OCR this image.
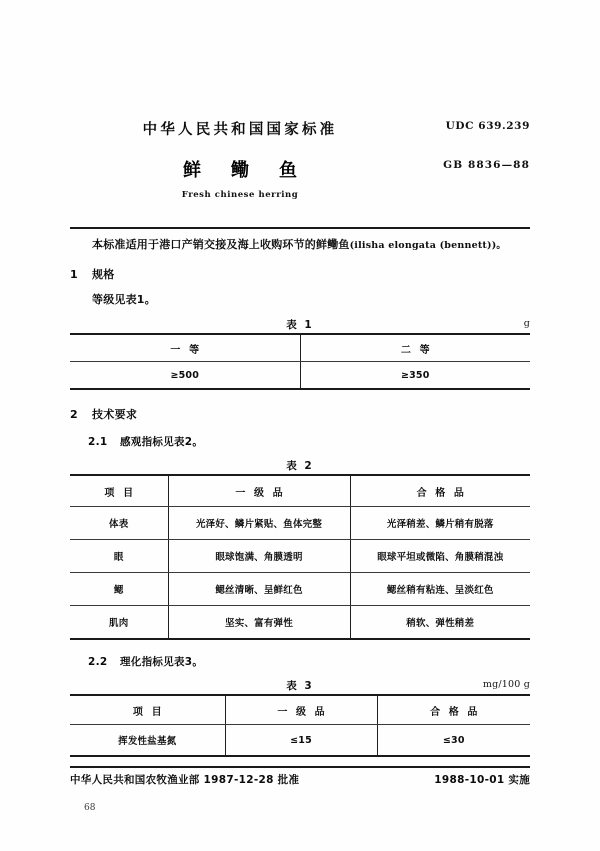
中华人民共和国国家标准	UDC 639.239
GB 8836—88
鲜鳓鱼
Fresh chinese herring

本标准适用于港口产销交接及海上收购环节的鲜鳓鱼(ilisha elongata (bennett))。

1 规格

等级见表1。

表 1	g
一 等	二 等
≥500	≥350

2 技术要求

2.1 感观指标见表2。

表 2
项 目	一 级 品	合 格 品
体表	光泽好、鳞片紧贴、鱼体完整	光泽稍差、鳞片稍有脱落
眼	眼球饱满、角膜透明	眼球平坦或微陷、角膜稍混浊
鳃	鳃丝清晰、呈鲜红色	鳃丝稍有粘连、呈淡红色
肌肉	坚实、富有弹性	稍软、弹性稍差

2.2 理化指标见表3。

表 3	mg/100 g
项 目	一 级 品	合 格 品
挥发性盐基氮	≤15	≤30
中华人民共和国农牧渔业部 1987-12-28 批准	1988-10-01 实施
68
